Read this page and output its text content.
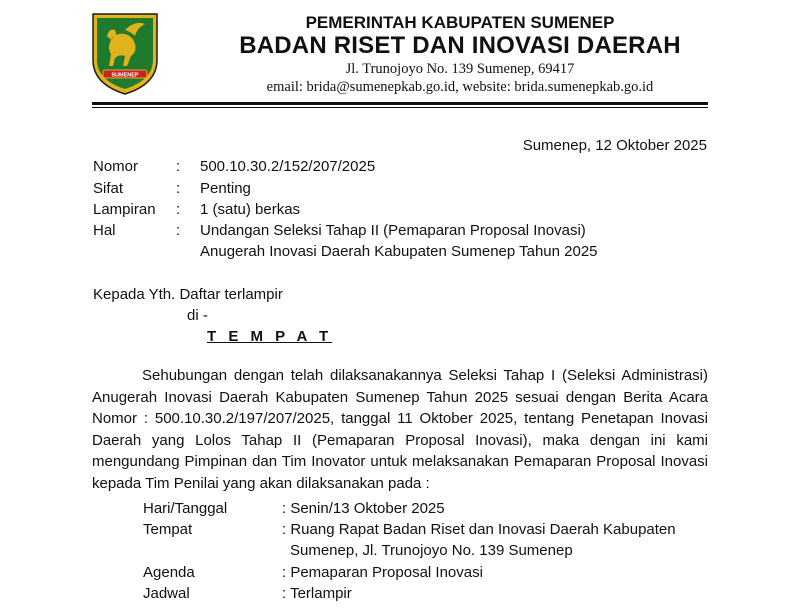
SUMENEP
PEMERINTAH KABUPATEN SUMENEP
BADAN RISET DAN INOVASI DAERAH
Jl. Trunojoyo No. 139 Sumenep, 69417
email: brida@sumenepkab.go.id, website: brida.sumenepkab.go.id
Sumenep, 12 Oktober 2025
Nomor	: 500.10.30.2/152/207/2025
Sifat	: Penting
Lampiran : 1 (satu) berkas
Hal	: Undangan Seleksi Tahap II (Pemaparan Proposal Inovasi)
Anugerah Inovasi Daerah Kabupaten Sumenep Tahun 2025
Kepada Yth. Daftar terlampir
di -
T E M P A T
Sehubungan dengan telah dilaksanakannya Seleksi Tahap I (Seleksi Administrasi) Anugerah Inovasi Daerah Kabupaten Sumenep Tahun 2025 sesuai dengan Berita Acara Nomor : 500.10.30.2/197/207/2025, tanggal 11 Oktober 2025, tentang Penetapan Inovasi Daerah yang Lolos Tahap II (Pemaparan Proposal Inovasi), maka dengan ini kami mengundang Pimpinan dan Tim Inovator untuk melaksanakan Pemaparan Proposal Inovasi kepada Tim Penilai yang akan dilaksanakan pada :
Hari/Tanggal	: Senin/13 Oktober 2025
Tempat	: Ruang Rapat Badan Riset dan Inovasi Daerah Kabupaten
Sumenep, Jl. Trunojoyo No. 139 Sumenep
Agenda	: Pemaparan Proposal Inovasi
Jadwal	: Terlampir
